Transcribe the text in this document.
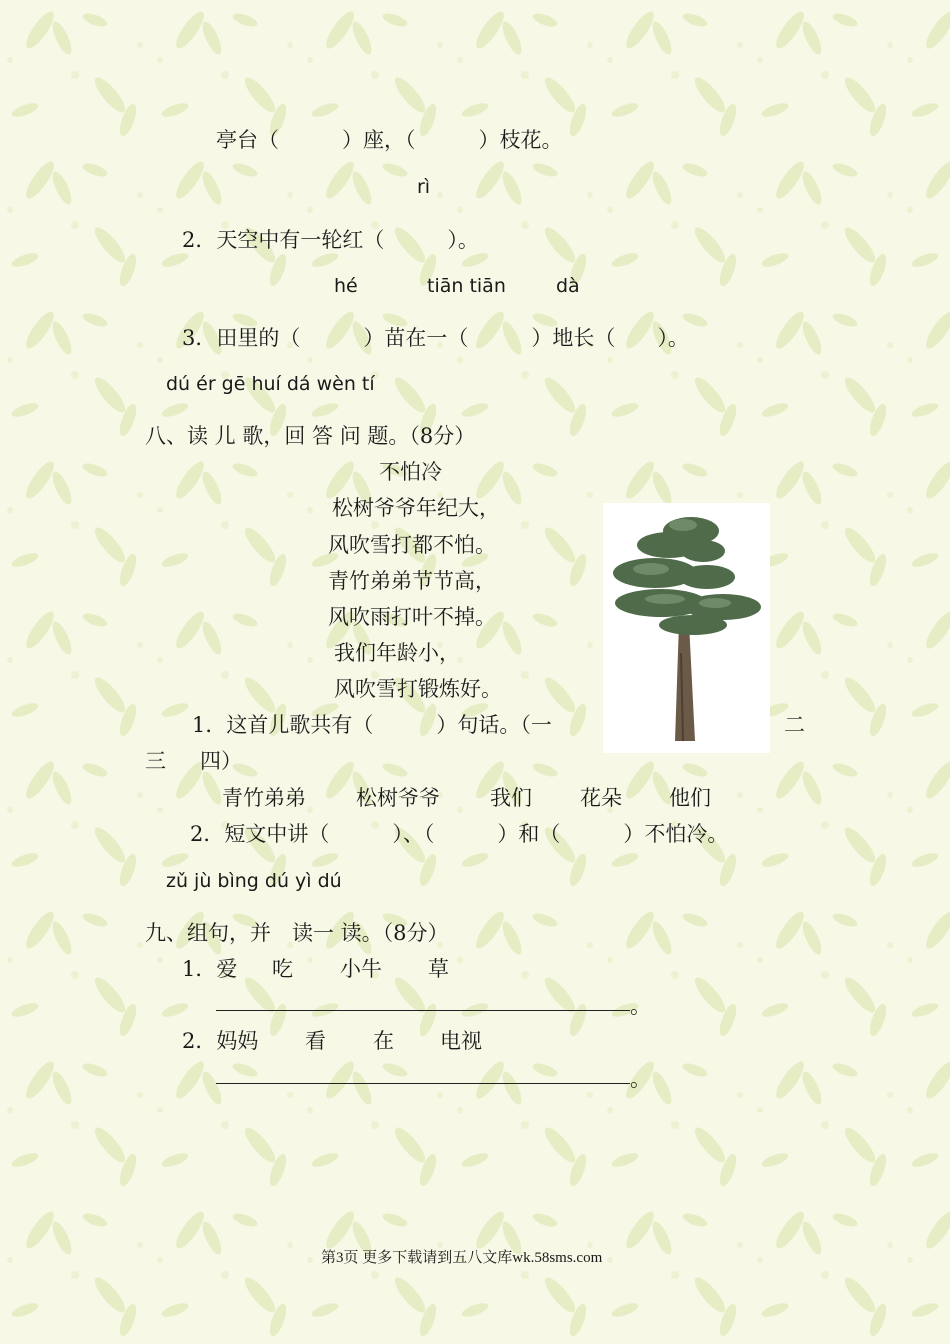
亭台（　　　）座，（　　　）枝花。
rì
2．天空中有一轮红（　　　）。
hé	tiān tiān	dà
3．田里的（　　　）苗在一（　　　）地长（　　）。
dú ér gē huí dá wèn tí
八、读 儿 歌，回 答 问 题。（8分）
不怕冷
松树爷爷年纪大，
风吹雪打都不怕。
青竹弟弟节节高，
风吹雨打叶不掉。
我们年龄小，
风吹雪打锻炼好。
1．这首儿歌共有（　　　）句话。（一	二
三 四）
青竹弟弟 松树爷爷 我们 花朵 他们
2．短文中讲（　　　）、（　　　）和（　　　）不怕冷。
zǔ jù bìng dú yì dú
九、组句，并　读一 读。（8分）
1．爱 吃 小牛 草
。
2．妈妈 看 在 电视
。
第3页 更多下载请到五八文库wk.58sms.com
